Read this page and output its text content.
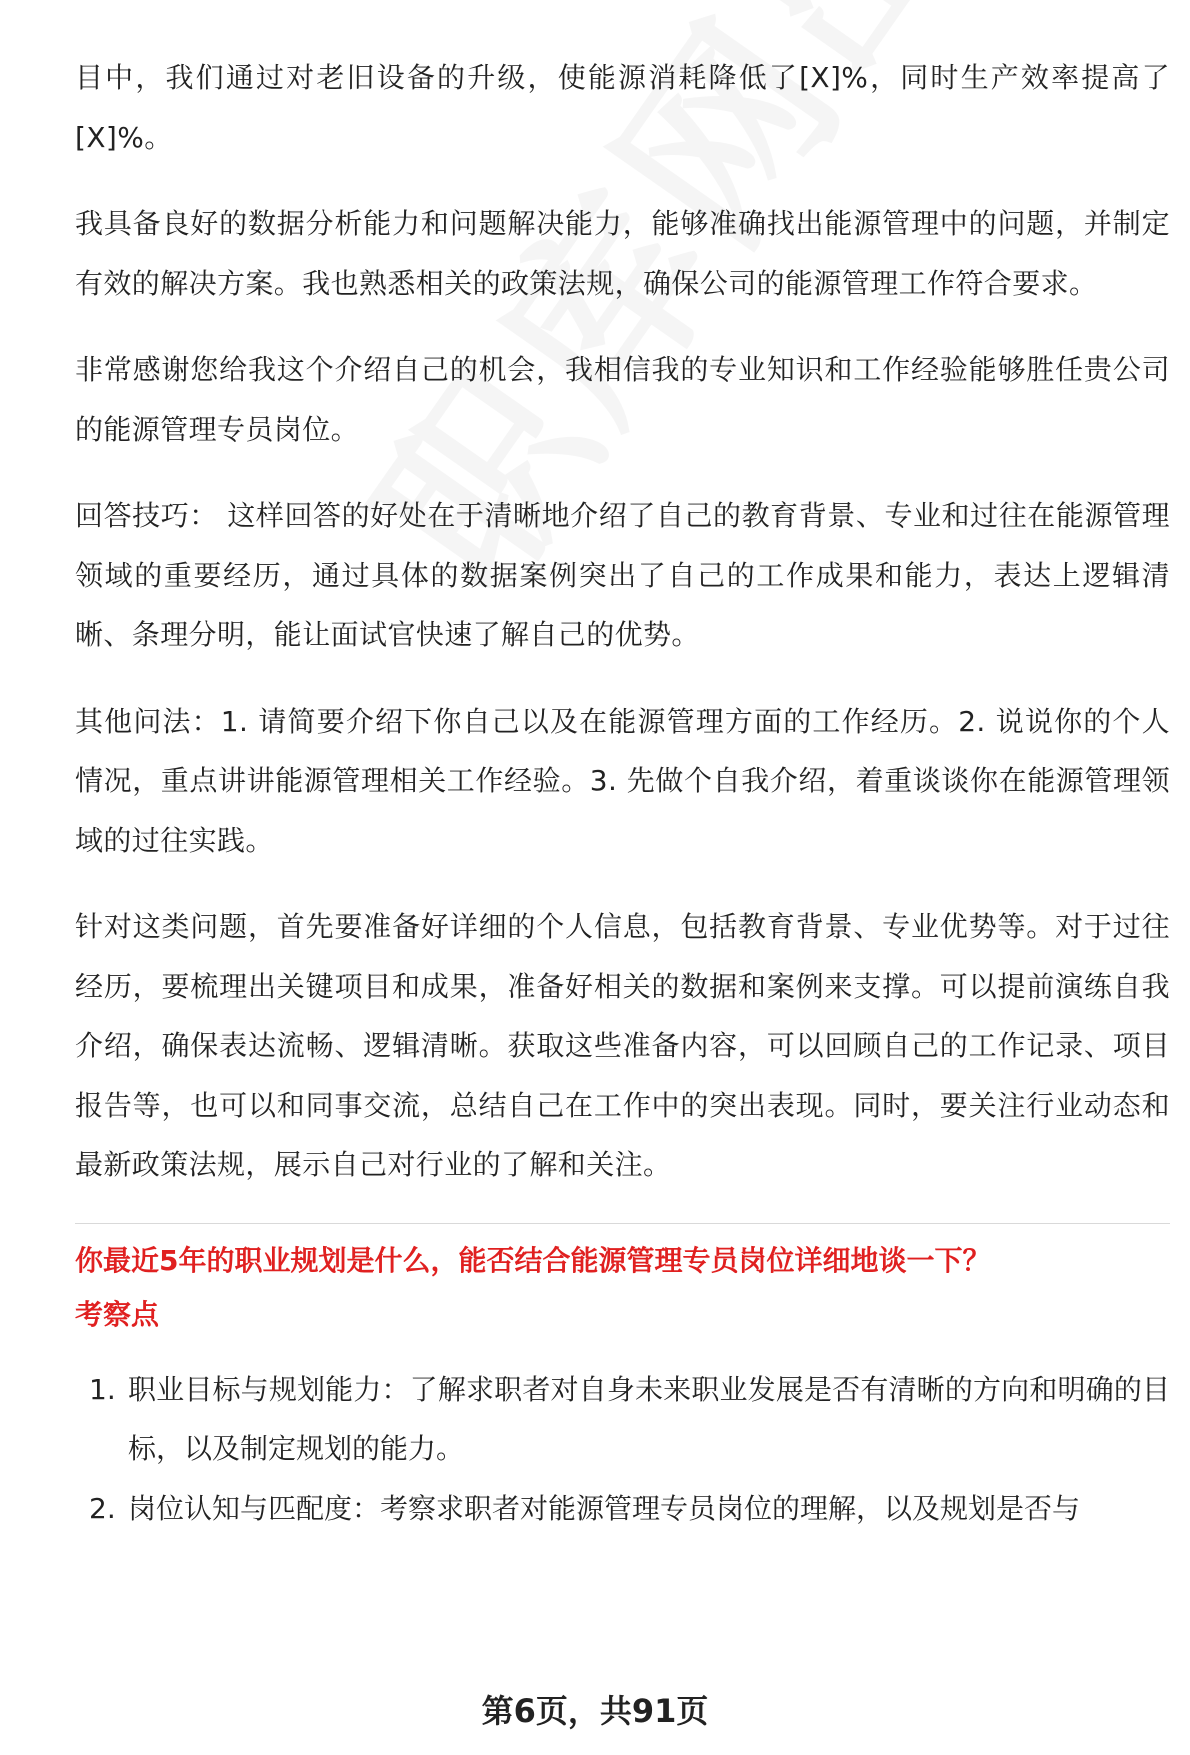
目中，我们通过对老旧设备的升级，使能源消耗降低了[X]%，同时生产效率提高了[X]%。

我具备良好的数据分析能力和问题解决能力，能够准确找出能源管理中的问题，并制定有效的解决方案。我也熟悉相关的政策法规，确保公司的能源管理工作符合要求。

非常感谢您给我这个介绍自己的机会，我相信我的专业知识和工作经验能够胜任贵公司的能源管理专员岗位。

回答技巧： 这样回答的好处在于清晰地介绍了自己的教育背景、专业和过往在能源管理领域的重要经历，通过具体的数据案例突出了自己的工作成果和能力，表达上逻辑清晰、条理分明，能让面试官快速了解自己的优势。

其他问法：1. 请简要介绍下你自己以及在能源管理方面的工作经历。2. 说说你的个人情况，重点讲讲能源管理相关工作经验。3. 先做个自我介绍，着重谈谈你在能源管理领域的过往实践。

针对这类问题，首先要准备好详细的个人信息，包括教育背景、专业优势等。对于过往经历，要梳理出关键项目和成果，准备好相关的数据和案例来支撑。可以提前演练自我介绍，确保表达流畅、逻辑清晰。获取这些准备内容，可以回顾自己的工作记录、项目报告等，也可以和同事交流，总结自己在工作中的突出表现。同时，要关注行业动态和最新政策法规，展示自己对行业的了解和关注。

你最近5年的职业规划是什么，能否结合能源管理专员岗位详细地谈一下？

考察点

1. 职业目标与规划能力：了解求职者对自身未来职业发展是否有清晰的方向和明确的目标，以及制定规划的能力。
2. 岗位认知与匹配度：考察求职者对能源管理专员岗位的理解，以及规划是否与
第6页，共91页
